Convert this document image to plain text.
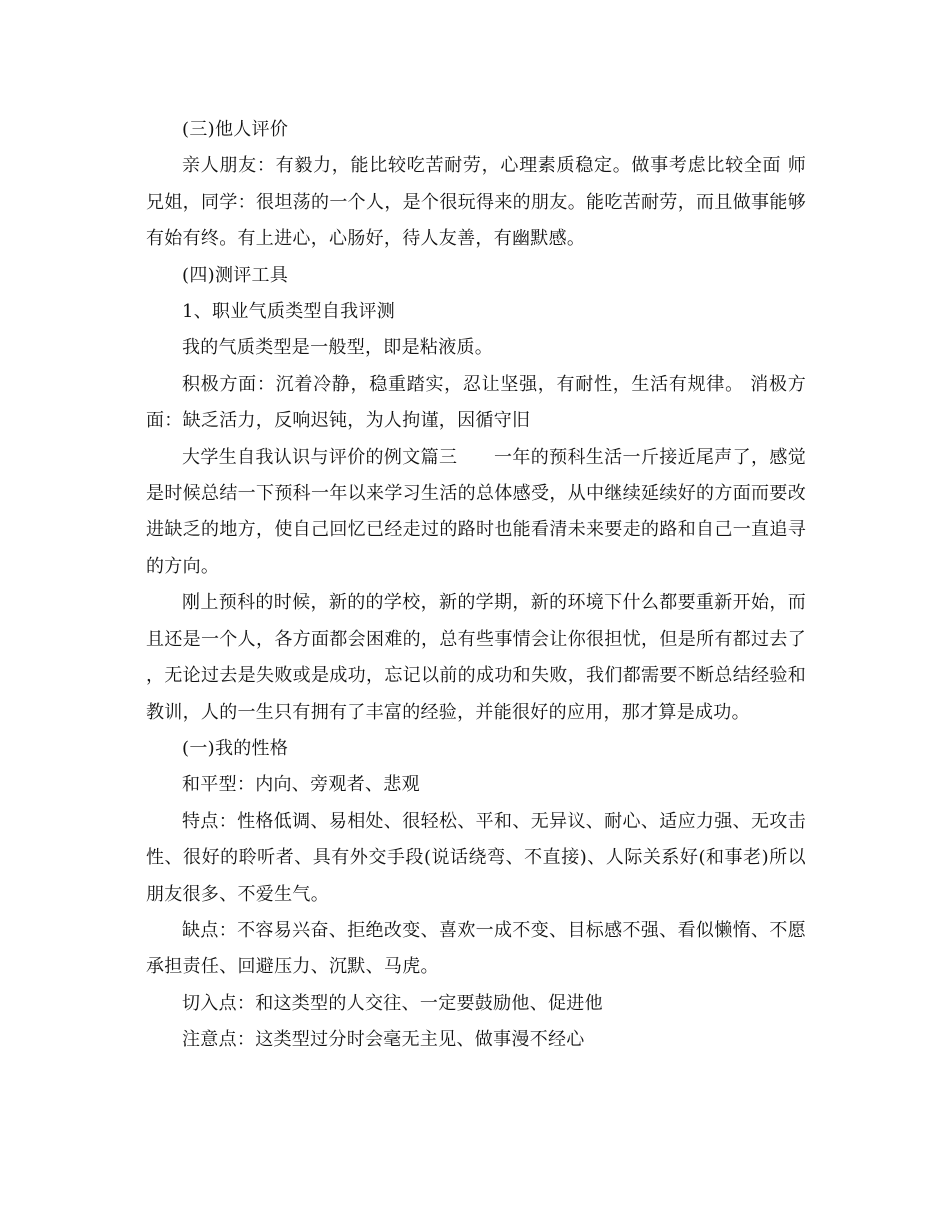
(三)他人评价

亲人朋友：有毅力，能比较吃苦耐劳，心理素质稳定。做事考虑比较全面 师兄姐，同学：很坦荡的一个人，是个很玩得来的朋友。能吃苦耐劳，而且做事能够有始有终。有上进心，心肠好，待人友善，有幽默感。

(四)测评工具

1、职业气质类型自我评测

我的气质类型是一般型，即是粘液质。

积极方面：沉着冷静，稳重踏实，忍让坚强，有耐性，生活有规律。 消极方面：缺乏活力，反响迟钝，为人拘谨，因循守旧

大学生自我认识与评价的例文篇三　　一年的预科生活一斤接近尾声了，感觉是时候总结一下预科一年以来学习生活的总体感受，从中继续延续好的方面而要改进缺乏的地方，使自己回忆已经走过的路时也能看清未来要走的路和自己一直追寻的方向。

刚上预科的时候，新的的学校，新的学期，新的环境下什么都要重新开始，而且还是一个人，各方面都会困难的，总有些事情会让你很担忧，但是所有都过去了，无论过去是失败或是成功，忘记以前的成功和失败，我们都需要不断总结经验和教训，人的一生只有拥有了丰富的经验，并能很好的应用，那才算是成功。

(一)我的性格

和平型：内向、旁观者、悲观

特点：性格低调、易相处、很轻松、平和、无异议、耐心、适应力强、无攻击性、很好的聆听者、具有外交手段(说话绕弯、不直接)、人际关系好(和事老)所以朋友很多、不爱生气。

缺点：不容易兴奋、拒绝改变、喜欢一成不变、目标感不强、看似懒惰、不愿承担责任、回避压力、沉默、马虎。

切入点：和这类型的人交往、一定要鼓励他、促进他

注意点：这类型过分时会毫无主见、做事漫不经心
